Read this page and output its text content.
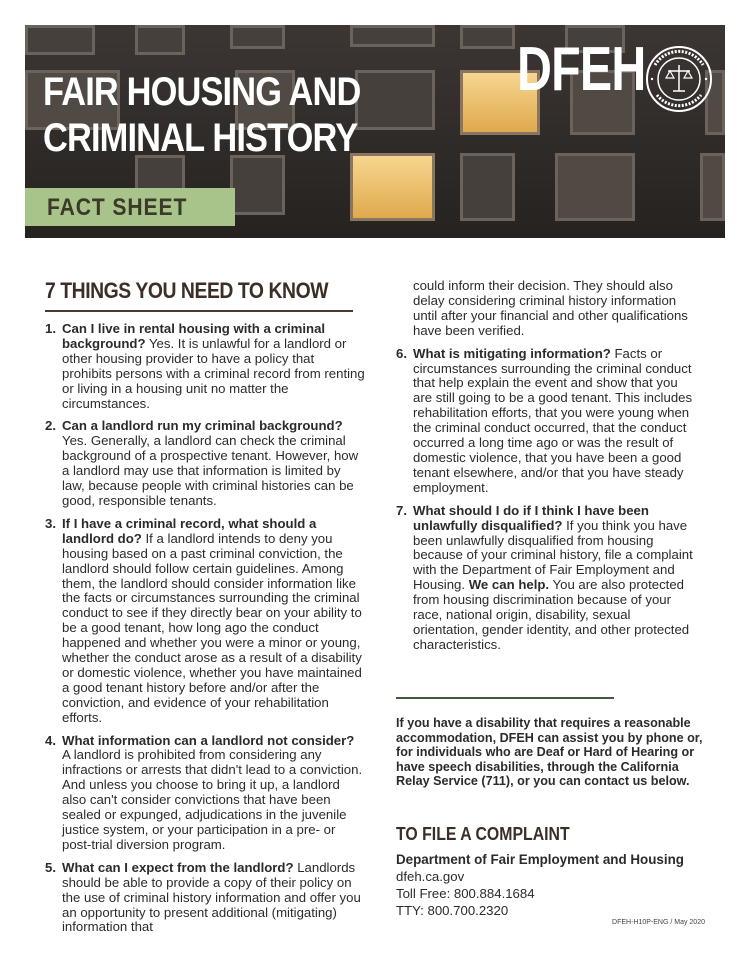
FAIR HOUSING AND
CRIMINAL HISTORY
FACT SHEET
DFEH
7 THINGS YOU NEED TO KNOW
1. Can I live in rental housing with a criminal background? Yes. It is unlawful for a landlord or other housing provider to have a policy that prohibits persons with a criminal record from renting or living in a housing unit no matter the circumstances.
2. Can a landlord run my criminal background? Yes. Generally, a landlord can check the criminal background of a prospective tenant. However, how a landlord may use that information is limited by law, because people with criminal histories can be good, responsible tenants.
3. If I have a criminal record, what should a landlord do? If a landlord intends to deny you housing based on a past criminal conviction, the landlord should follow certain guidelines. Among them, the landlord should consider information like the facts or circumstances surrounding the criminal conduct to see if they directly bear on your ability to be a good tenant, how long ago the conduct happened and whether you were a minor or young, whether the conduct arose as a result of a disability or domestic violence, whether you have maintained a good tenant history before and/or after the conviction, and evidence of your rehabilitation efforts.
4. What information can a landlord not consider? A landlord is prohibited from considering any infractions or arrests that didn't lead to a conviction. And unless you choose to bring it up, a landlord also can't consider convictions that have been sealed or expunged, adjudications in the juvenile justice system, or your participation in a pre- or post-trial diversion program.
5. What can I expect from the landlord? Landlords should be able to provide a copy of their policy on the use of criminal history information and offer you an opportunity to present additional (mitigating) information that
could inform their decision. They should also delay considering criminal history information until after your financial and other qualifications have been verified.
6. What is mitigating information? Facts or circumstances surrounding the criminal conduct that help explain the event and show that you are still going to be a good tenant. This includes rehabilitation efforts, that you were young when the criminal conduct occurred, that the conduct occurred a long time ago or was the result of domestic violence, that you have been a good tenant elsewhere, and/or that you have steady employment.
7. What should I do if I think I have been unlawfully disqualified? If you think you have been unlawfully disqualified from housing because of your criminal history, file a complaint with the Department of Fair Employment and Housing. We can help. You are also protected from housing discrimination because of your race, national origin, disability, sexual orientation, gender identity, and other protected characteristics.
If you have a disability that requires a reasonable accommodation, DFEH can assist you by phone or, for individuals who are Deaf or Hard of Hearing or have speech disabilities, through the California Relay Service (711), or you can contact us below.
TO FILE A COMPLAINT
Department of Fair Employment and Housing
dfeh.ca.gov
Toll Free: 800.884.1684
TTY: 800.700.2320
DFEH-H10P-ENG / May 2020
